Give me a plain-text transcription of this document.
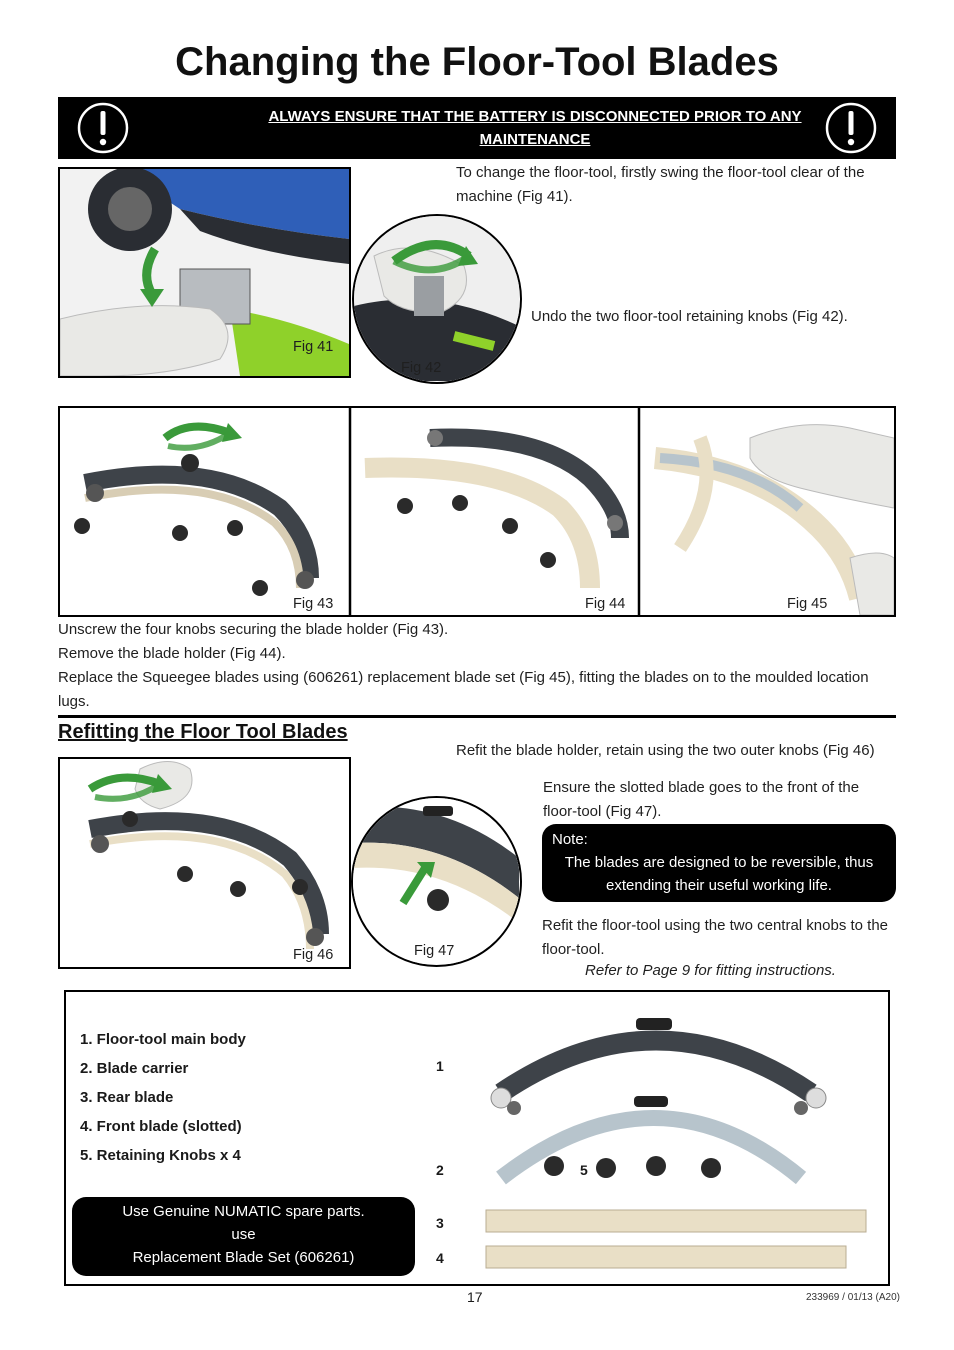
Changing the Floor-Tool Blades
ALWAYS ENSURE THAT THE BATTERY IS DISCONNECTED PRIOR TO ANY
MAINTENANCE
Fig 41
Fig 42
To change the floor-tool, firstly swing the floor-tool clear of the machine (Fig 41).
Undo the two floor-tool retaining knobs (Fig 42).
Fig 43	Fig 44	Fig 45
Unscrew the four knobs securing the blade holder (Fig 43).
Remove the blade holder (Fig 44).
Replace the Squeegee blades using (606261) replacement blade set (Fig 45), fitting the blades on to the moulded location lugs.
Refitting the Floor Tool Blades
Fig 46	Fig 47
Refit the blade holder, retain using the two outer knobs (Fig 46)
Ensure the slotted blade goes to the front of the floor-tool (Fig 47).
Note:
The blades are designed to be reversible, thus extending their useful working life.
Refit the floor-tool using the two central knobs to the floor-tool.
Refer to Page 9 for fitting instructions.
1. Floor-tool main body
2. Blade carrier
3. Rear blade
4. Front blade (slotted)
5. Retaining Knobs x 4
1
2
3
4
5
Use Genuine NUMATIC spare parts.
use
Replacement Blade Set (606261)
17	233969 / 01/13 (A20)
